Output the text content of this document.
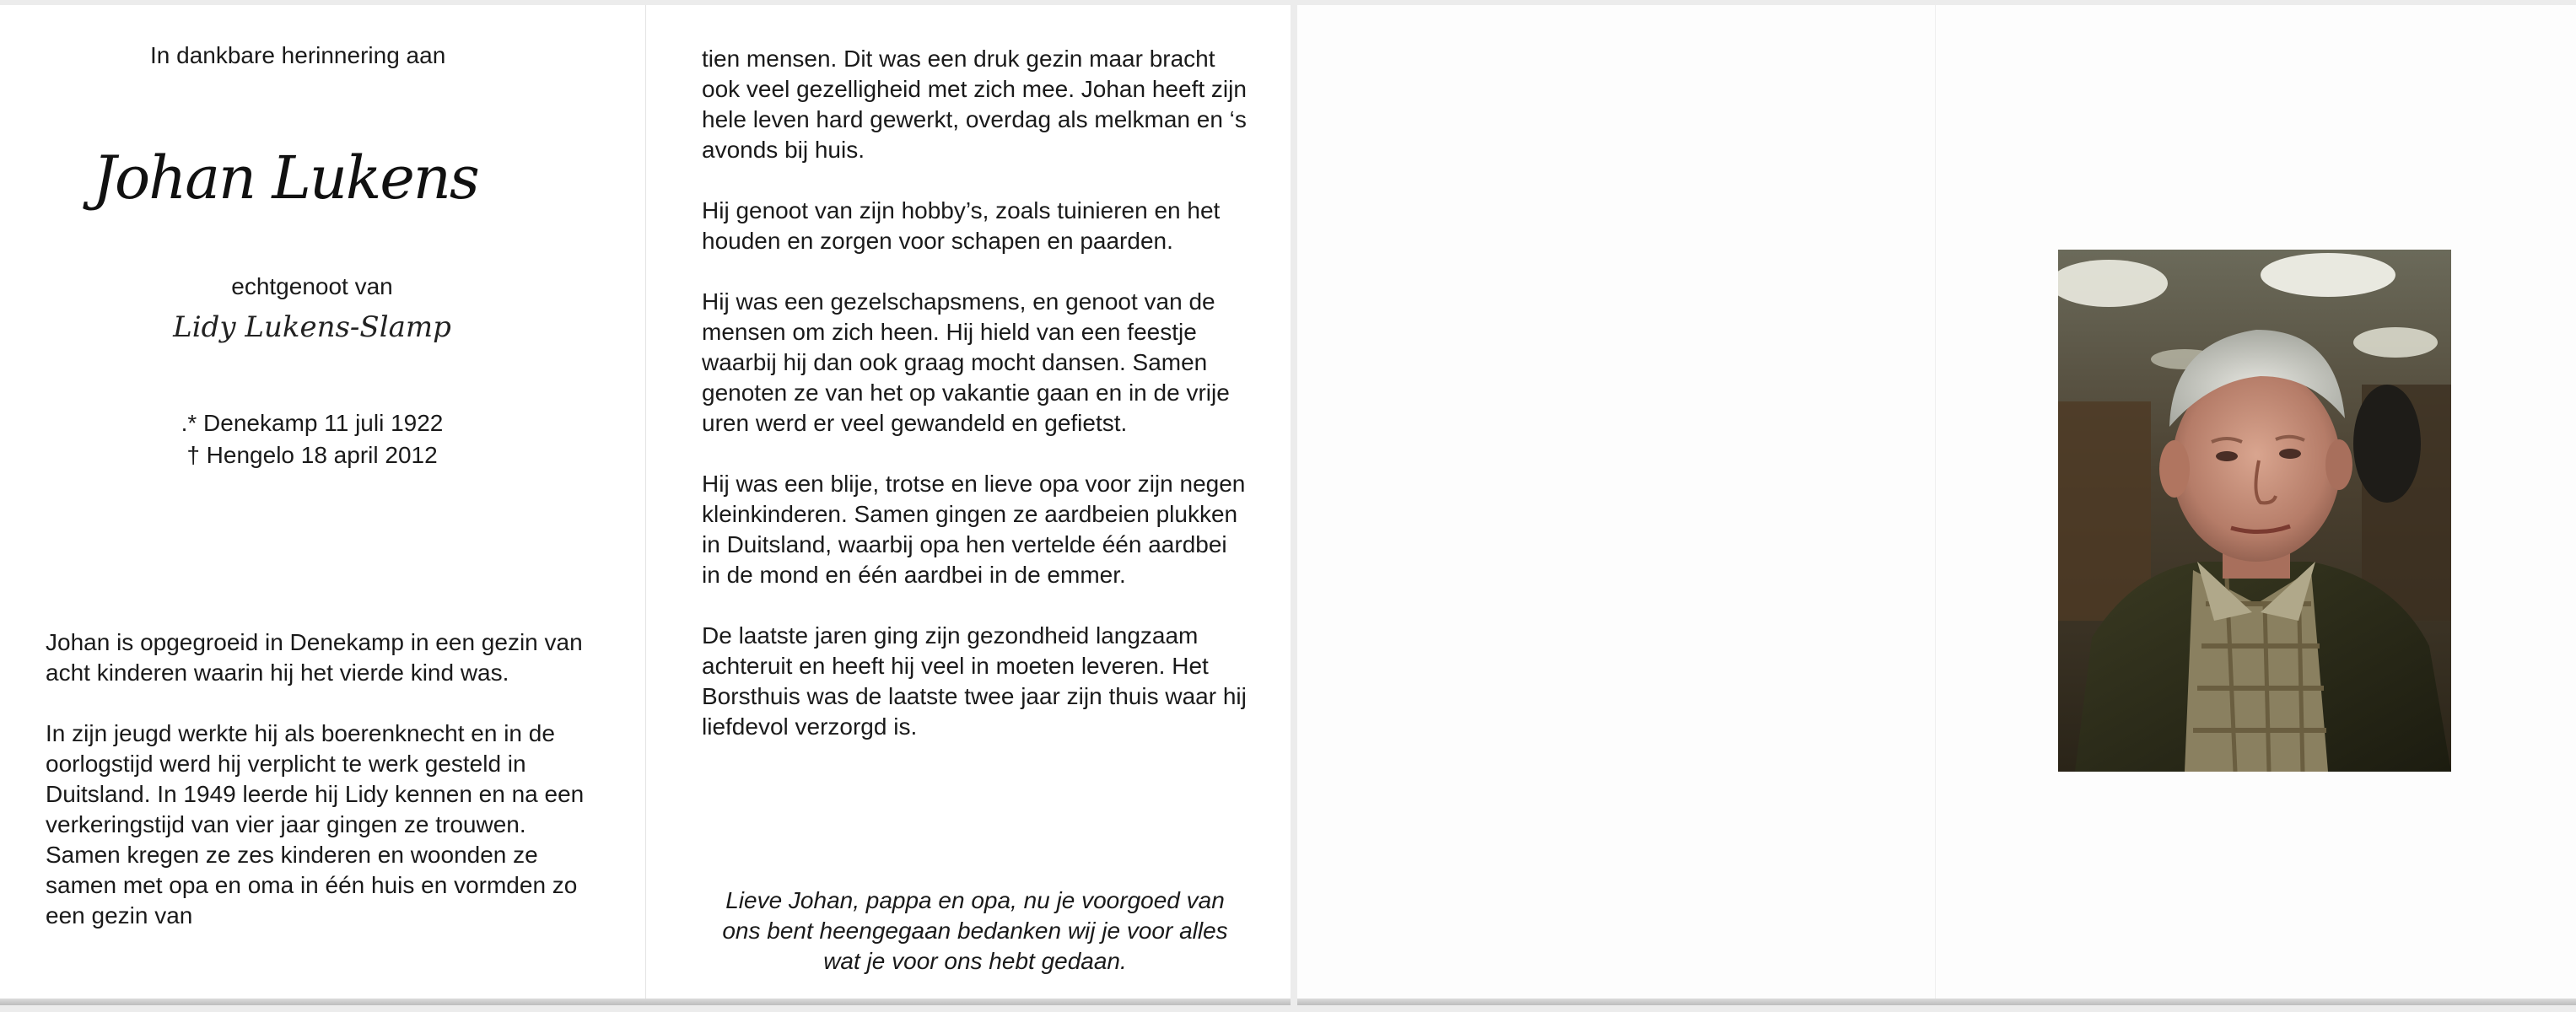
In dankbare herinnering aan
Johan Lukens
echtgenoot van
Lidy Lukens-Slamp
.* Denekamp 11 juli 1922
† Hengelo 18 april 2012

Johan is opgegroeid in Denekamp in een gezin van acht kinderen waarin hij het vierde kind was.

In zijn jeugd werkte hij als boerenknecht en in de oorlogstijd werd hij verplicht te werk gesteld in Duitsland. In 1949 leerde hij Lidy kennen en na een verkeringstijd van vier jaar gingen ze trouwen. Samen kregen ze zes kinderen en woonden ze samen met opa en oma in één huis en vormden zo een gezin van

tien mensen. Dit was een druk gezin maar bracht ook veel gezelligheid met zich mee. Johan heeft zijn hele leven hard gewerkt, overdag als melkman en ‘s avonds bij huis.

Hij genoot van zijn hobby’s, zoals tuinieren en het houden en zorgen voor schapen en paarden.

Hij was een gezelschapsmens, en genoot van de mensen om zich heen. Hij hield van een feestje waarbij hij dan ook graag mocht dansen. Samen genoten ze van het op vakantie gaan en in de vrije uren werd er veel gewandeld en gefietst.

Hij was een blije, trotse en lieve opa voor zijn negen kleinkinderen. Samen gingen ze aardbeien plukken in Duitsland, waarbij opa hen vertelde één aardbei in de mond en één aardbei in de emmer.

De laatste jaren ging zijn gezondheid langzaam achteruit en heeft hij veel in moeten leveren. Het Borsthuis was de laatste twee jaar zijn thuis waar hij liefdevol verzorgd is.

Lieve Johan, pappa en opa, nu je voorgoed van ons bent heengegaan bedanken wij je voor alles wat je voor ons hebt gedaan.
